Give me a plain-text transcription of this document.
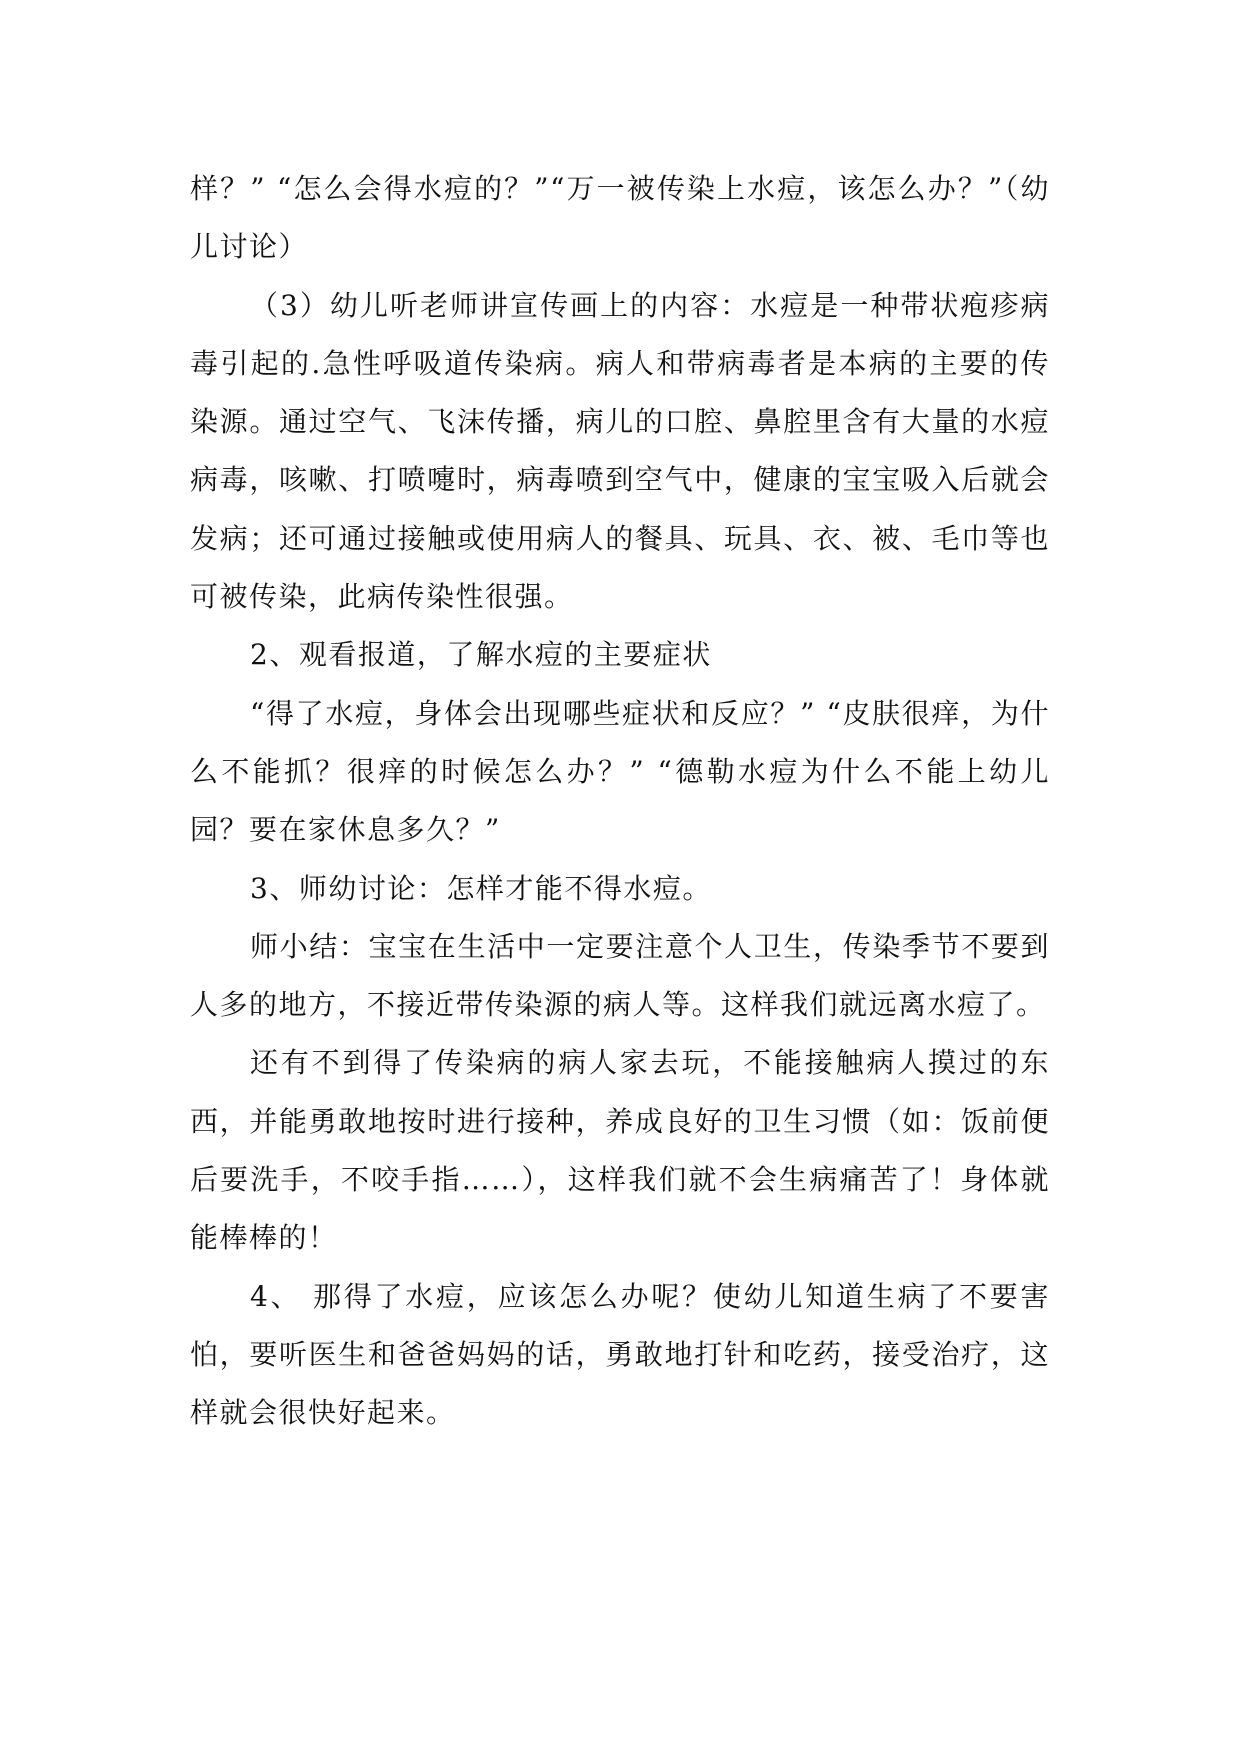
样？” “怎么会得水痘的？”“万一被传染上水痘，该怎么办？”（幼儿讨论）

（3）幼儿听老师讲宣传画上的内容：水痘是一种带状疱疹病毒引起的.急性呼吸道传染病。病人和带病毒者是本病的主要的传染源。通过空气、飞沫传播，病儿的口腔、鼻腔里含有大量的水痘病毒，咳嗽、打喷嚏时，病毒喷到空气中，健康的宝宝吸入后就会发病；还可通过接触或使用病人的餐具、玩具、衣、被、毛巾等也可被传染，此病传染性很强。

2、观看报道，了解水痘的主要症状

“得了水痘，身体会出现哪些症状和反应？” “皮肤很痒，为什么不能抓？很痒的时候怎么办？” “德勒水痘为什么不能上幼儿园？要在家休息多久？”

3、师幼讨论：怎样才能不得水痘。

师小结：宝宝在生活中一定要注意个人卫生，传染季节不要到人多的地方，不接近带传染源的病人等。这样我们就远离水痘了。

还有不到得了传染病的病人家去玩，不能接触病人摸过的东西，并能勇敢地按时进行接种，养成良好的卫生习惯（如：饭前便后要洗手，不咬手指……），这样我们就不会生病痛苦了！身体就能棒棒的！

4、 那得了水痘，应该怎么办呢？使幼儿知道生病了不要害怕，要听医生和爸爸妈妈的话，勇敢地打针和吃药，接受治疗，这样就会很快好起来。
